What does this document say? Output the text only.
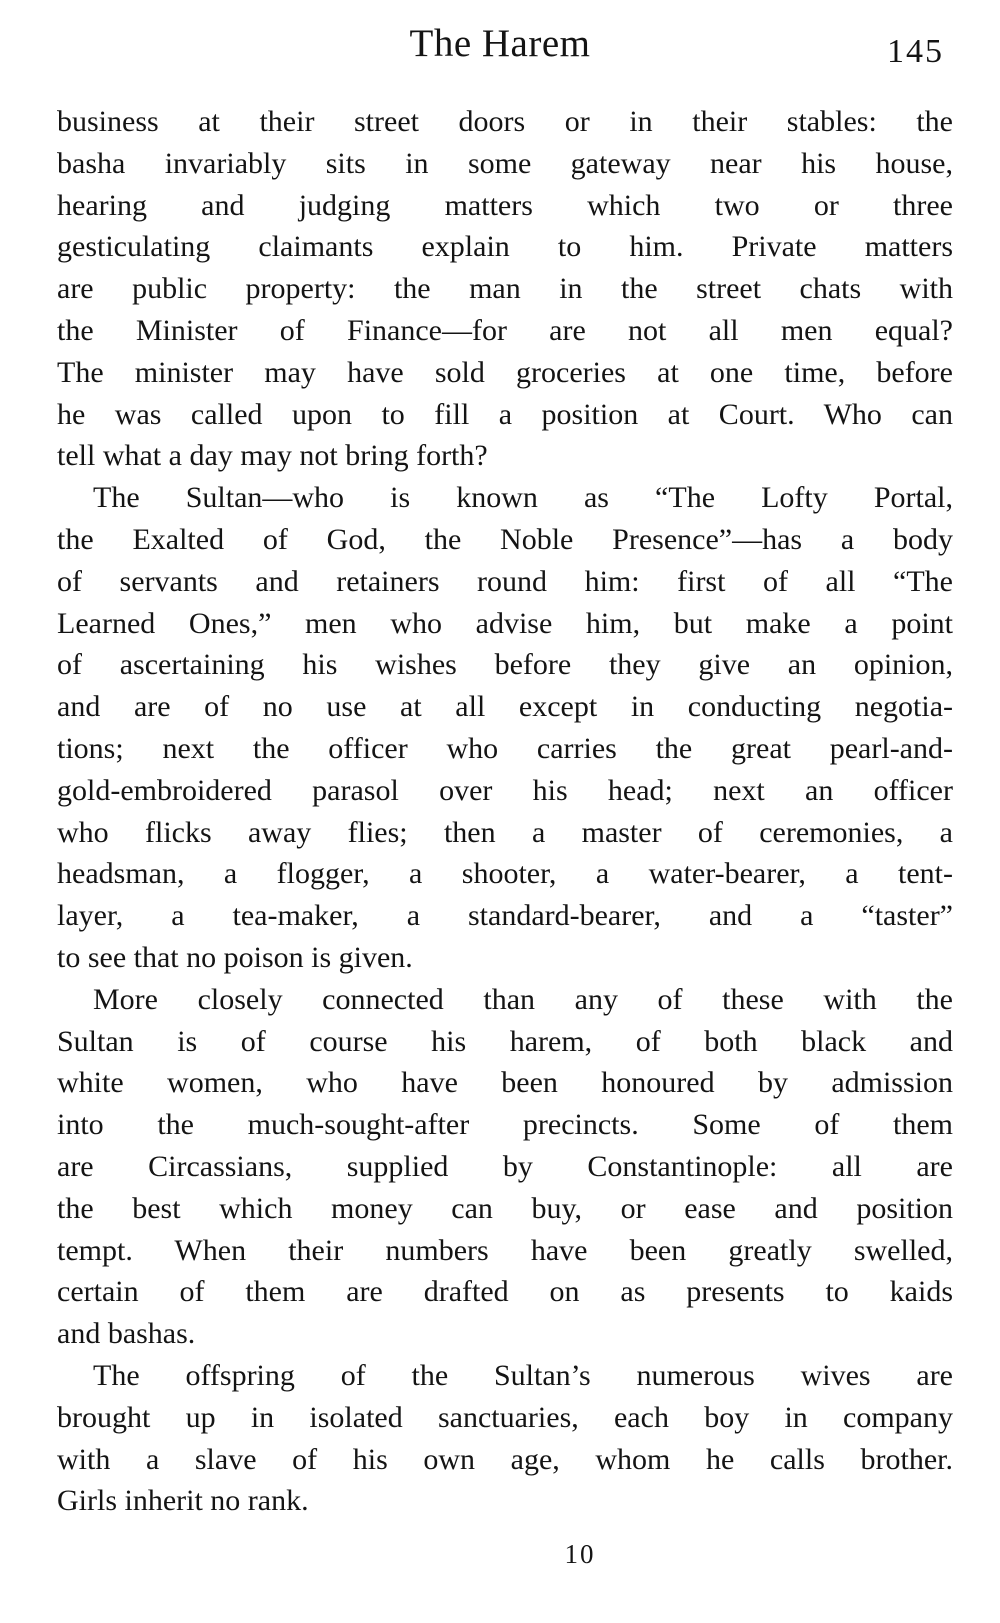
The Harem	145

business at their street doors or in their stables: the
basha invariably sits in some gateway near his house,
hearing and judging matters which two or three
gesticulating claimants explain to him. Private matters
are public property: the man in the street chats with
the Minister of Finance—for are not all men equal?
The minister may have sold groceries at one time, before
he was called upon to fill a position at Court. Who can
tell what a day may not bring forth?

The Sultan—who is known as “The Lofty Portal,
the Exalted of God, the Noble Presence”—has a body
of servants and retainers round him: first of all “The
Learned Ones,” men who advise him, but make a point
of ascertaining his wishes before they give an opinion,
and are of no use at all except in conducting negotia-
tions; next the officer who carries the great pearl-and-
gold-embroidered parasol over his head; next an officer
who flicks away flies; then a master of ceremonies, a
headsman, a flogger, a shooter, a water-bearer, a tent-
layer, a tea-maker, a standard-bearer, and a “taster”
to see that no poison is given.

More closely connected than any of these with the
Sultan is of course his harem, of both black and
white women, who have been honoured by admission
into the much-sought-after precincts. Some of them
are Circassians, supplied by Constantinople: all are
the best which money can buy, or ease and position
tempt. When their numbers have been greatly swelled,
certain of them are drafted on as presents to kaids
and bashas.

The offspring of the Sultan’s numerous wives are
brought up in isolated sanctuaries, each boy in company
with a slave of his own age, whom he calls brother.
Girls inherit no rank.

10
